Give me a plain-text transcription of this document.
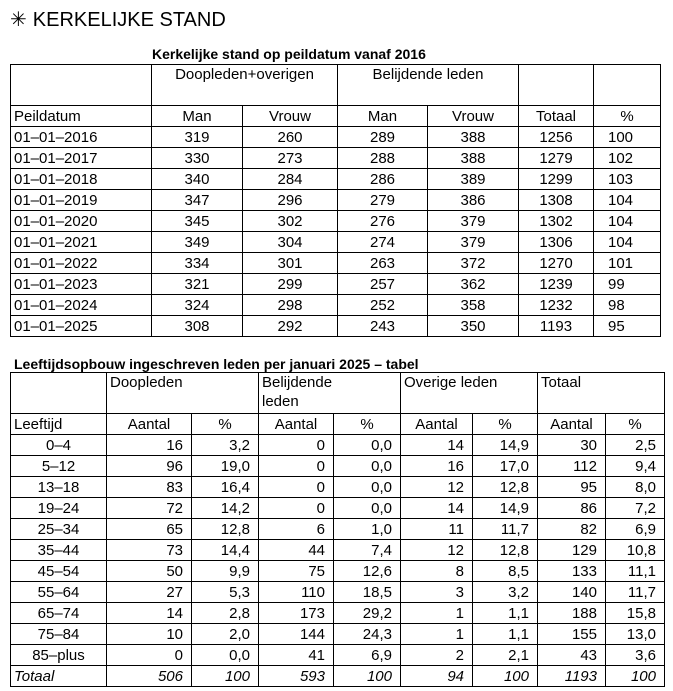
✳ KERKELIJKE STAND
Kerkelijke stand op peildatum vanaf 2016
	Doopleden+overigen		Belijdende leden			
Peildatum	Man	Vrouw	Man	Vrouw	Totaal	%
01–01–2016	319	260	289	388	1256	100
01–01–2017	330	273	288	388	1279	102
01–01–2018	340	284	286	389	1299	103
01–01–2019	347	296	279	386	1308	104
01–01–2020	345	302	276	379	1302	104
01–01–2021	349	304	274	379	1306	104
01–01–2022	334	301	263	372	1270	101
01–01–2023	321	299	257	362	1239	99
01–01–2024	324	298	252	358	1232	98
01–01–2025	308	292	243	350	1193	95
Leeftijdsopbouw ingeschreven leden per januari 2025 – tabel
	Doopleden		Belijdende
leden		Overige leden		Totaal	
Leeftijd	Aantal	%	Aantal	%	Aantal	%	Aantal	%
0–4	16	3,2	0	0,0	14	14,9	30	2,5
5–12	96	19,0	0	0,0	16	17,0	112	9,4
13–18	83	16,4	0	0,0	12	12,8	95	8,0
19–24	72	14,2	0	0,0	14	14,9	86	7,2
25–34	65	12,8	6	1,0	11	11,7	82	6,9
35–44	73	14,4	44	7,4	12	12,8	129	10,8
45–54	50	9,9	75	12,6	8	8,5	133	11,1
55–64	27	5,3	110	18,5	3	3,2	140	11,7
65–74	14	2,8	173	29,2	1	1,1	188	15,8
75–84	10	2,0	144	24,3	1	1,1	155	13,0
85–plus	0	0,0	41	6,9	2	2,1	43	3,6
Totaal	506	100	593	100	94	100	1193	100
